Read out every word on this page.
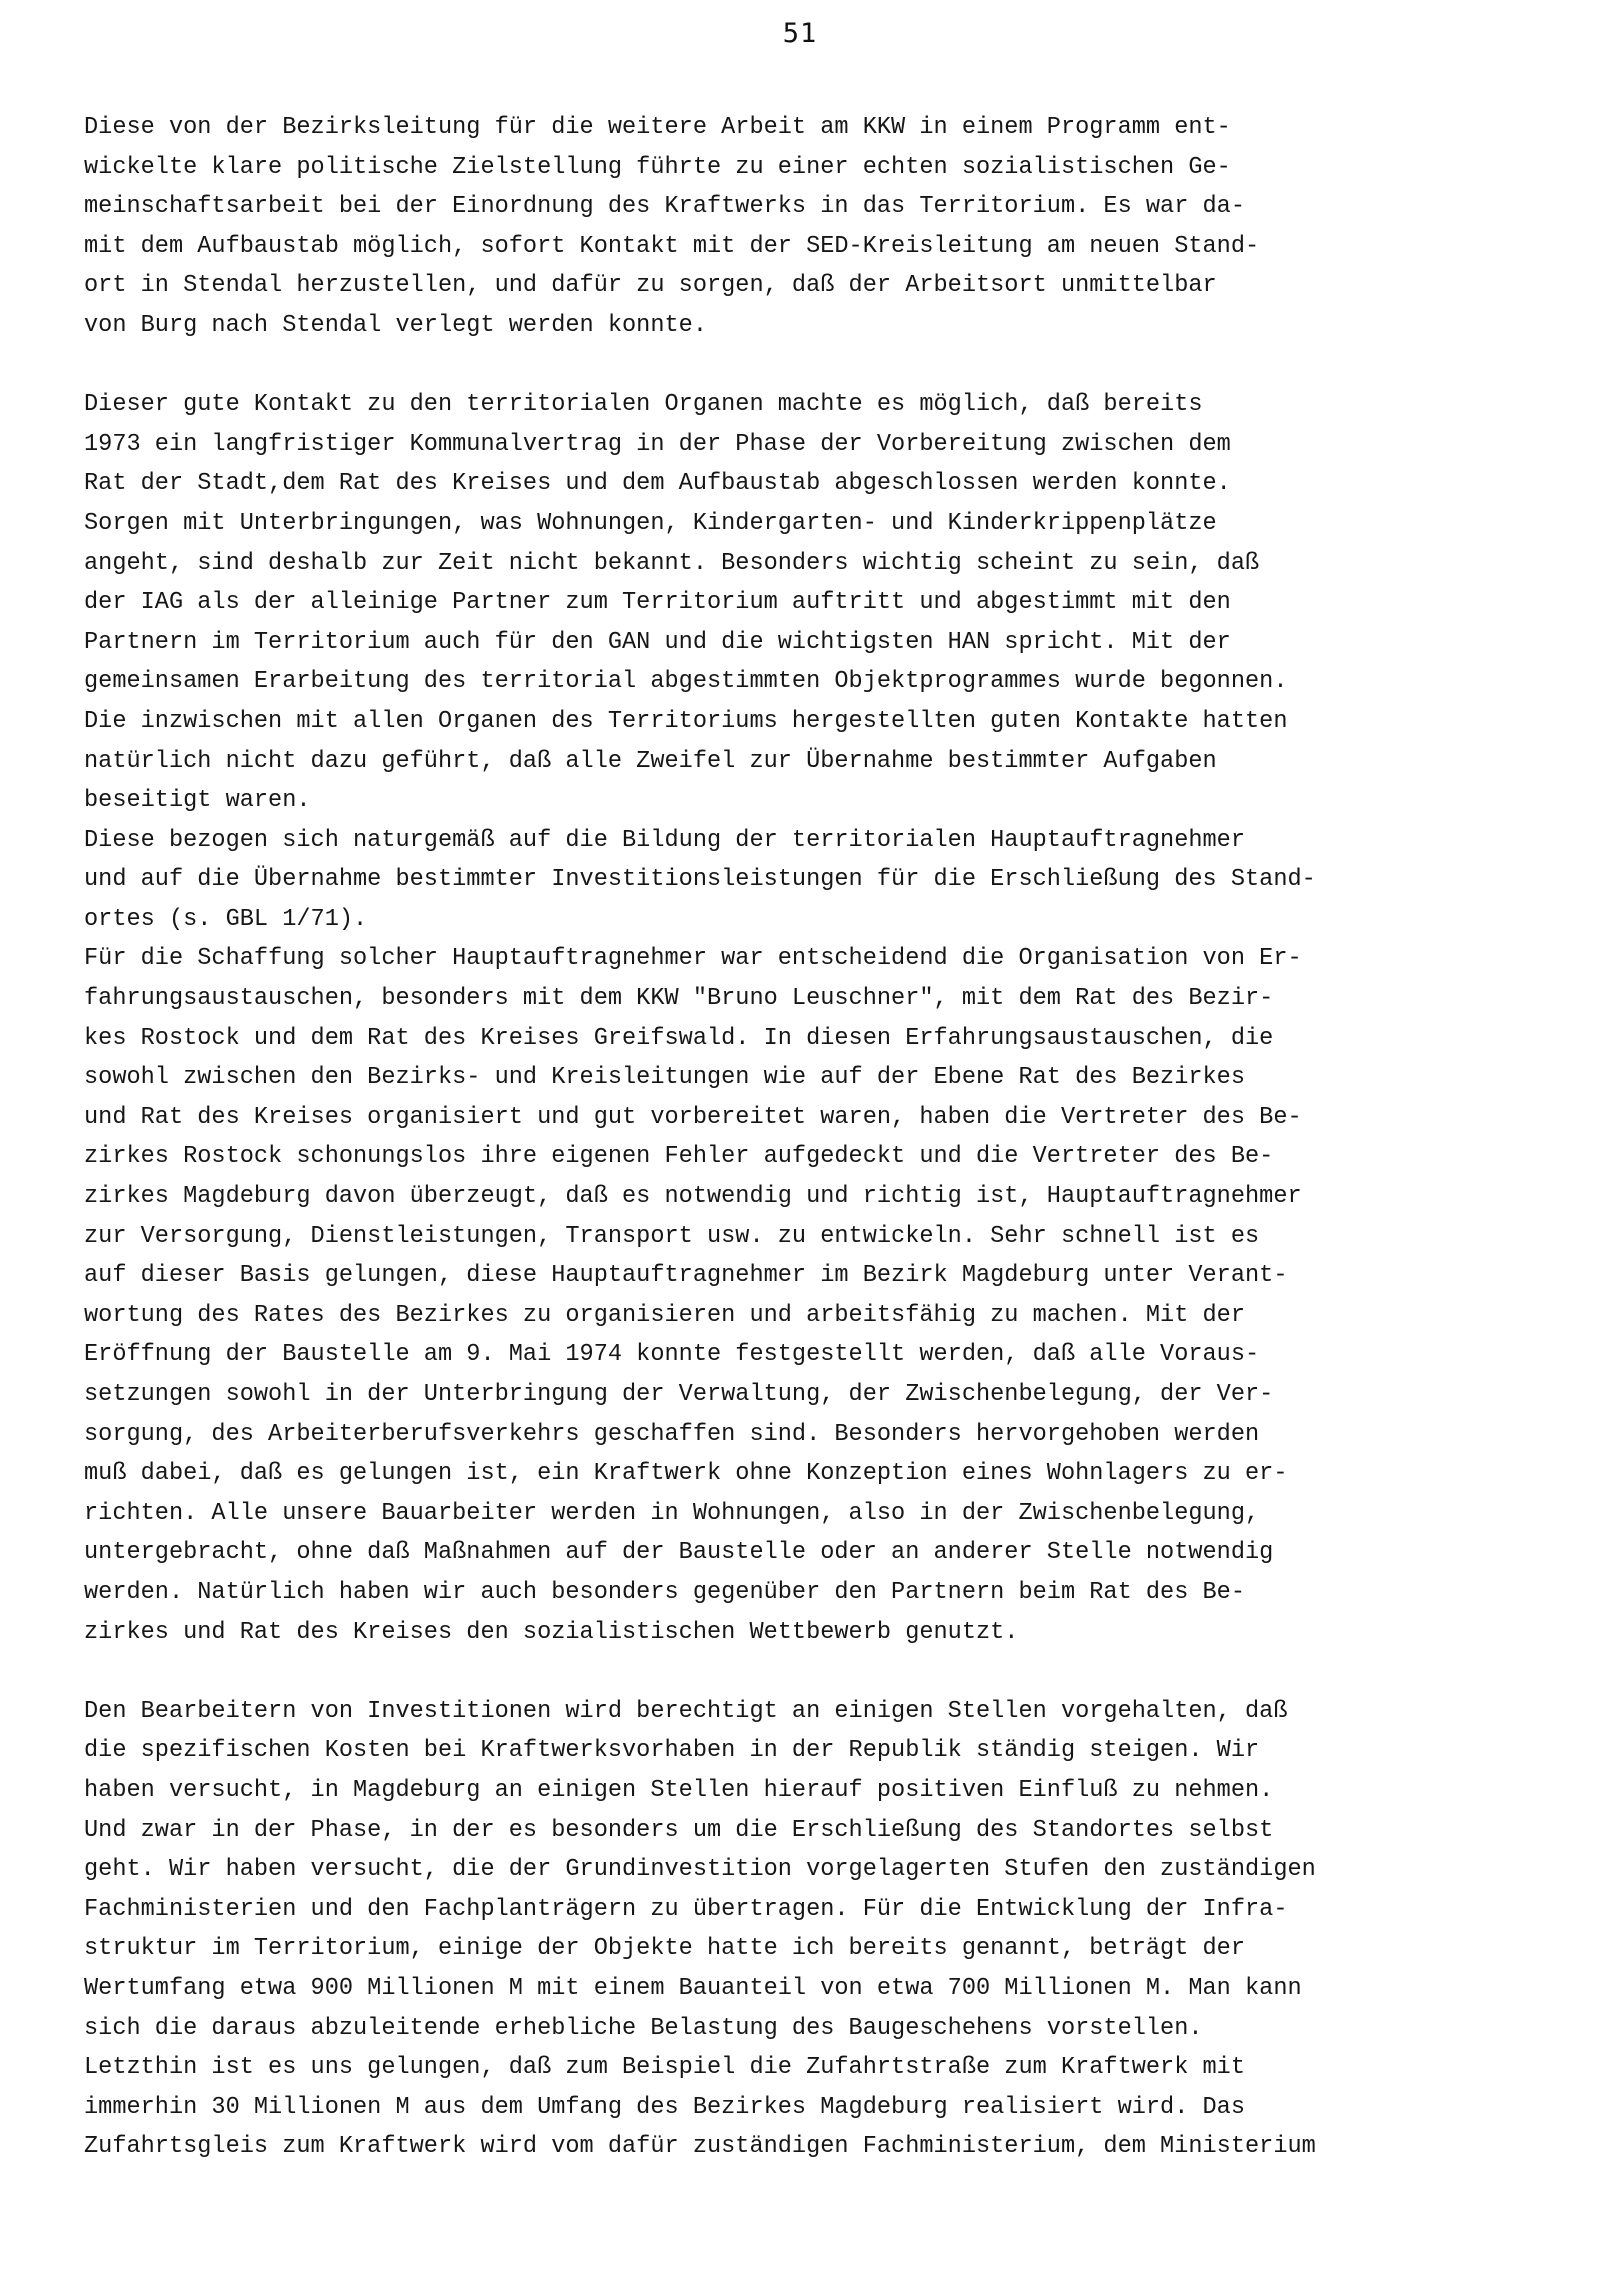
51
Diese von der Bezirksleitung für die weitere Arbeit am KKW in einem Programm ent-
wickelte klare politische Zielstellung führte zu einer echten sozialistischen Ge-
meinschaftsarbeit bei der Einordnung des Kraftwerks in das Territorium. Es war da-
mit dem Aufbaustab möglich, sofort Kontakt mit der SED-Kreisleitung am neuen Stand-
ort in Stendal herzustellen, und dafür zu sorgen, daß der Arbeitsort unmittelbar
von Burg nach Stendal verlegt werden konnte.
Dieser gute Kontakt zu den territorialen Organen machte es möglich, daß bereits
1973 ein langfristiger Kommunalvertrag in der Phase der Vorbereitung zwischen dem
Rat der Stadt,dem Rat des Kreises und dem Aufbaustab abgeschlossen werden konnte.
Sorgen mit Unterbringungen, was Wohnungen, Kindergarten- und Kinderkrippenplätze
angeht, sind deshalb zur Zeit nicht bekannt. Besonders wichtig scheint zu sein, daß
der IAG als der alleinige Partner zum Territorium auftritt und abgestimmt mit den
Partnern im Territorium auch für den GAN und die wichtigsten HAN spricht. Mit der
gemeinsamen Erarbeitung des territorial abgestimmten Objektprogrammes wurde begonnen.
Die inzwischen mit allen Organen des Territoriums hergestellten guten Kontakte hatten
natürlich nicht dazu geführt, daß alle Zweifel zur Übernahme bestimmter Aufgaben
beseitigt waren.
Diese bezogen sich naturgemäß auf die Bildung der territorialen Hauptauftragnehmer
und auf die Übernahme bestimmter Investitionsleistungen für die Erschließung des Stand-
ortes (s. GBL 1/71).
Für die Schaffung solcher Hauptauftragnehmer war entscheidend die Organisation von Er-
fahrungsaustauschen, besonders mit dem KKW "Bruno Leuschner", mit dem Rat des Bezir-
kes Rostock und dem Rat des Kreises Greifswald. In diesen Erfahrungsaustauschen, die
sowohl zwischen den Bezirks- und Kreisleitungen wie auf der Ebene Rat des Bezirkes
und Rat des Kreises organisiert und gut vorbereitet waren, haben die Vertreter des Be-
zirkes Rostock schonungslos ihre eigenen Fehler aufgedeckt und die Vertreter des Be-
zirkes Magdeburg davon überzeugt, daß es notwendig und richtig ist, Hauptauftragnehmer
zur Versorgung, Dienstleistungen, Transport usw. zu entwickeln. Sehr schnell ist es
auf dieser Basis gelungen, diese Hauptauftragnehmer im Bezirk Magdeburg unter Verant-
wortung des Rates des Bezirkes zu organisieren und arbeitsfähig zu machen. Mit der
Eröffnung der Baustelle am 9. Mai 1974 konnte festgestellt werden, daß alle Voraus-
setzungen sowohl in der Unterbringung der Verwaltung, der Zwischenbelegung, der Ver-
sorgung, des Arbeiterberufsverkehrs geschaffen sind. Besonders hervorgehoben werden
muß dabei, daß es gelungen ist, ein Kraftwerk ohne Konzeption eines Wohnlagers zu er-
richten. Alle unsere Bauarbeiter werden in Wohnungen, also in der Zwischenbelegung,
untergebracht, ohne daß Maßnahmen auf der Baustelle oder an anderer Stelle notwendig
werden. Natürlich haben wir auch besonders gegenüber den Partnern beim Rat des Be-
zirkes und Rat des Kreises den sozialistischen Wettbewerb genutzt.
Den Bearbeitern von Investitionen wird berechtigt an einigen Stellen vorgehalten, daß
die spezifischen Kosten bei Kraftwerksvorhaben in der Republik ständig steigen. Wir
haben versucht, in Magdeburg an einigen Stellen hierauf positiven Einfluß zu nehmen.
Und zwar in der Phase, in der es besonders um die Erschließung des Standortes selbst
geht. Wir haben versucht, die der Grundinvestition vorgelagerten Stufen den zuständigen
Fachministerien und den Fachplanträgern zu übertragen. Für die Entwicklung der Infra-
struktur im Territorium, einige der Objekte hatte ich bereits genannt, beträgt der
Wertumfang etwa 900 Millionen M mit einem Bauanteil von etwa 700 Millionen M. Man kann
sich die daraus abzuleitende erhebliche Belastung des Baugeschehens vorstellen.
Letzthin ist es uns gelungen, daß zum Beispiel die Zufahrtstraße zum Kraftwerk mit
immerhin 30 Millionen M aus dem Umfang des Bezirkes Magdeburg realisiert wird. Das
Zufahrtsgleis zum Kraftwerk wird vom dafür zuständigen Fachministerium, dem Ministerium
